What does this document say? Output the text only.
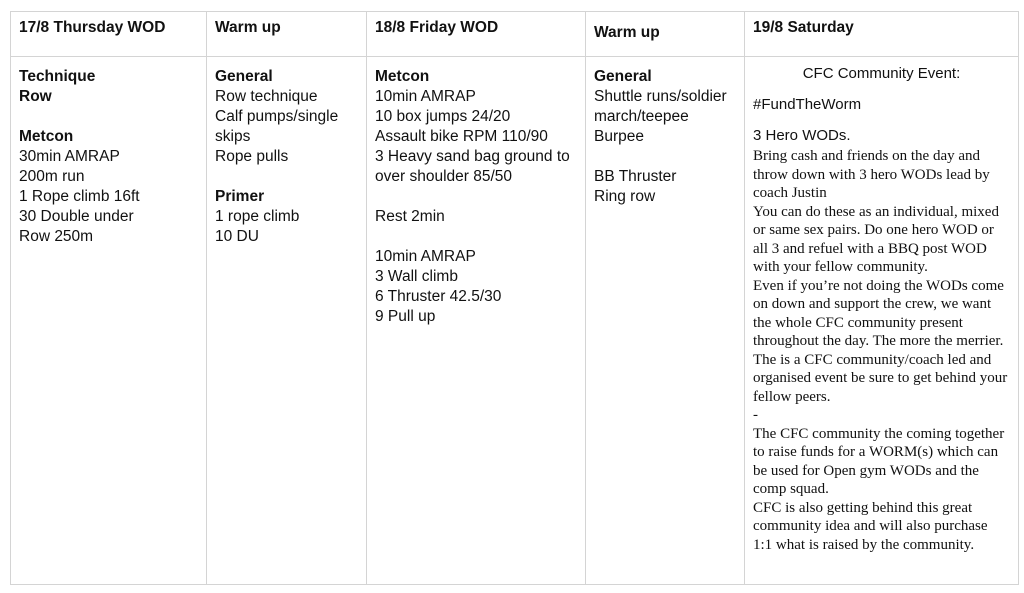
17/8 Thursday WOD

Technique

Row

Metcon

30min AMRAP

200m run

1 Rope climb 16ft

30 Double under

Row 250m

Warm up

General

Row technique

Calf pumps/single skips

Rope pulls

Primer

1 rope climb

10 DU

18/8 Friday WOD

Metcon

10min AMRAP

10 box jumps 24/20

Assault bike RPM 110/90

3 Heavy sand bag ground to over shoulder 85/50

Rest 2min

10min AMRAP

3 Wall climb

6 Thruster 42.5/30

9 Pull up

Warm up

General

Shuttle runs/soldier march/teepee

Burpee

BB Thruster

Ring row

19/8 Saturday

CFC Community Event:

#FundTheWorm

3 Hero WODs.

Bring cash and friends on the day and throw down with 3 hero WODs lead by coach Justin

You can do these as an individual, mixed or same sex pairs. Do one hero WOD or all 3 and refuel with a BBQ post WOD with your fellow community.

Even if you’re not doing the WODs come on down and support the crew, we want the whole CFC community present throughout the day. The more the merrier.

The is a CFC community/coach led and organised event be sure to get behind your fellow peers.

-

The CFC community the coming together to raise funds for a WORM(s) which can be used for Open gym WODs and the comp squad.

CFC is also getting behind this great community idea and will also purchase 1:1 what is raised by the community.
